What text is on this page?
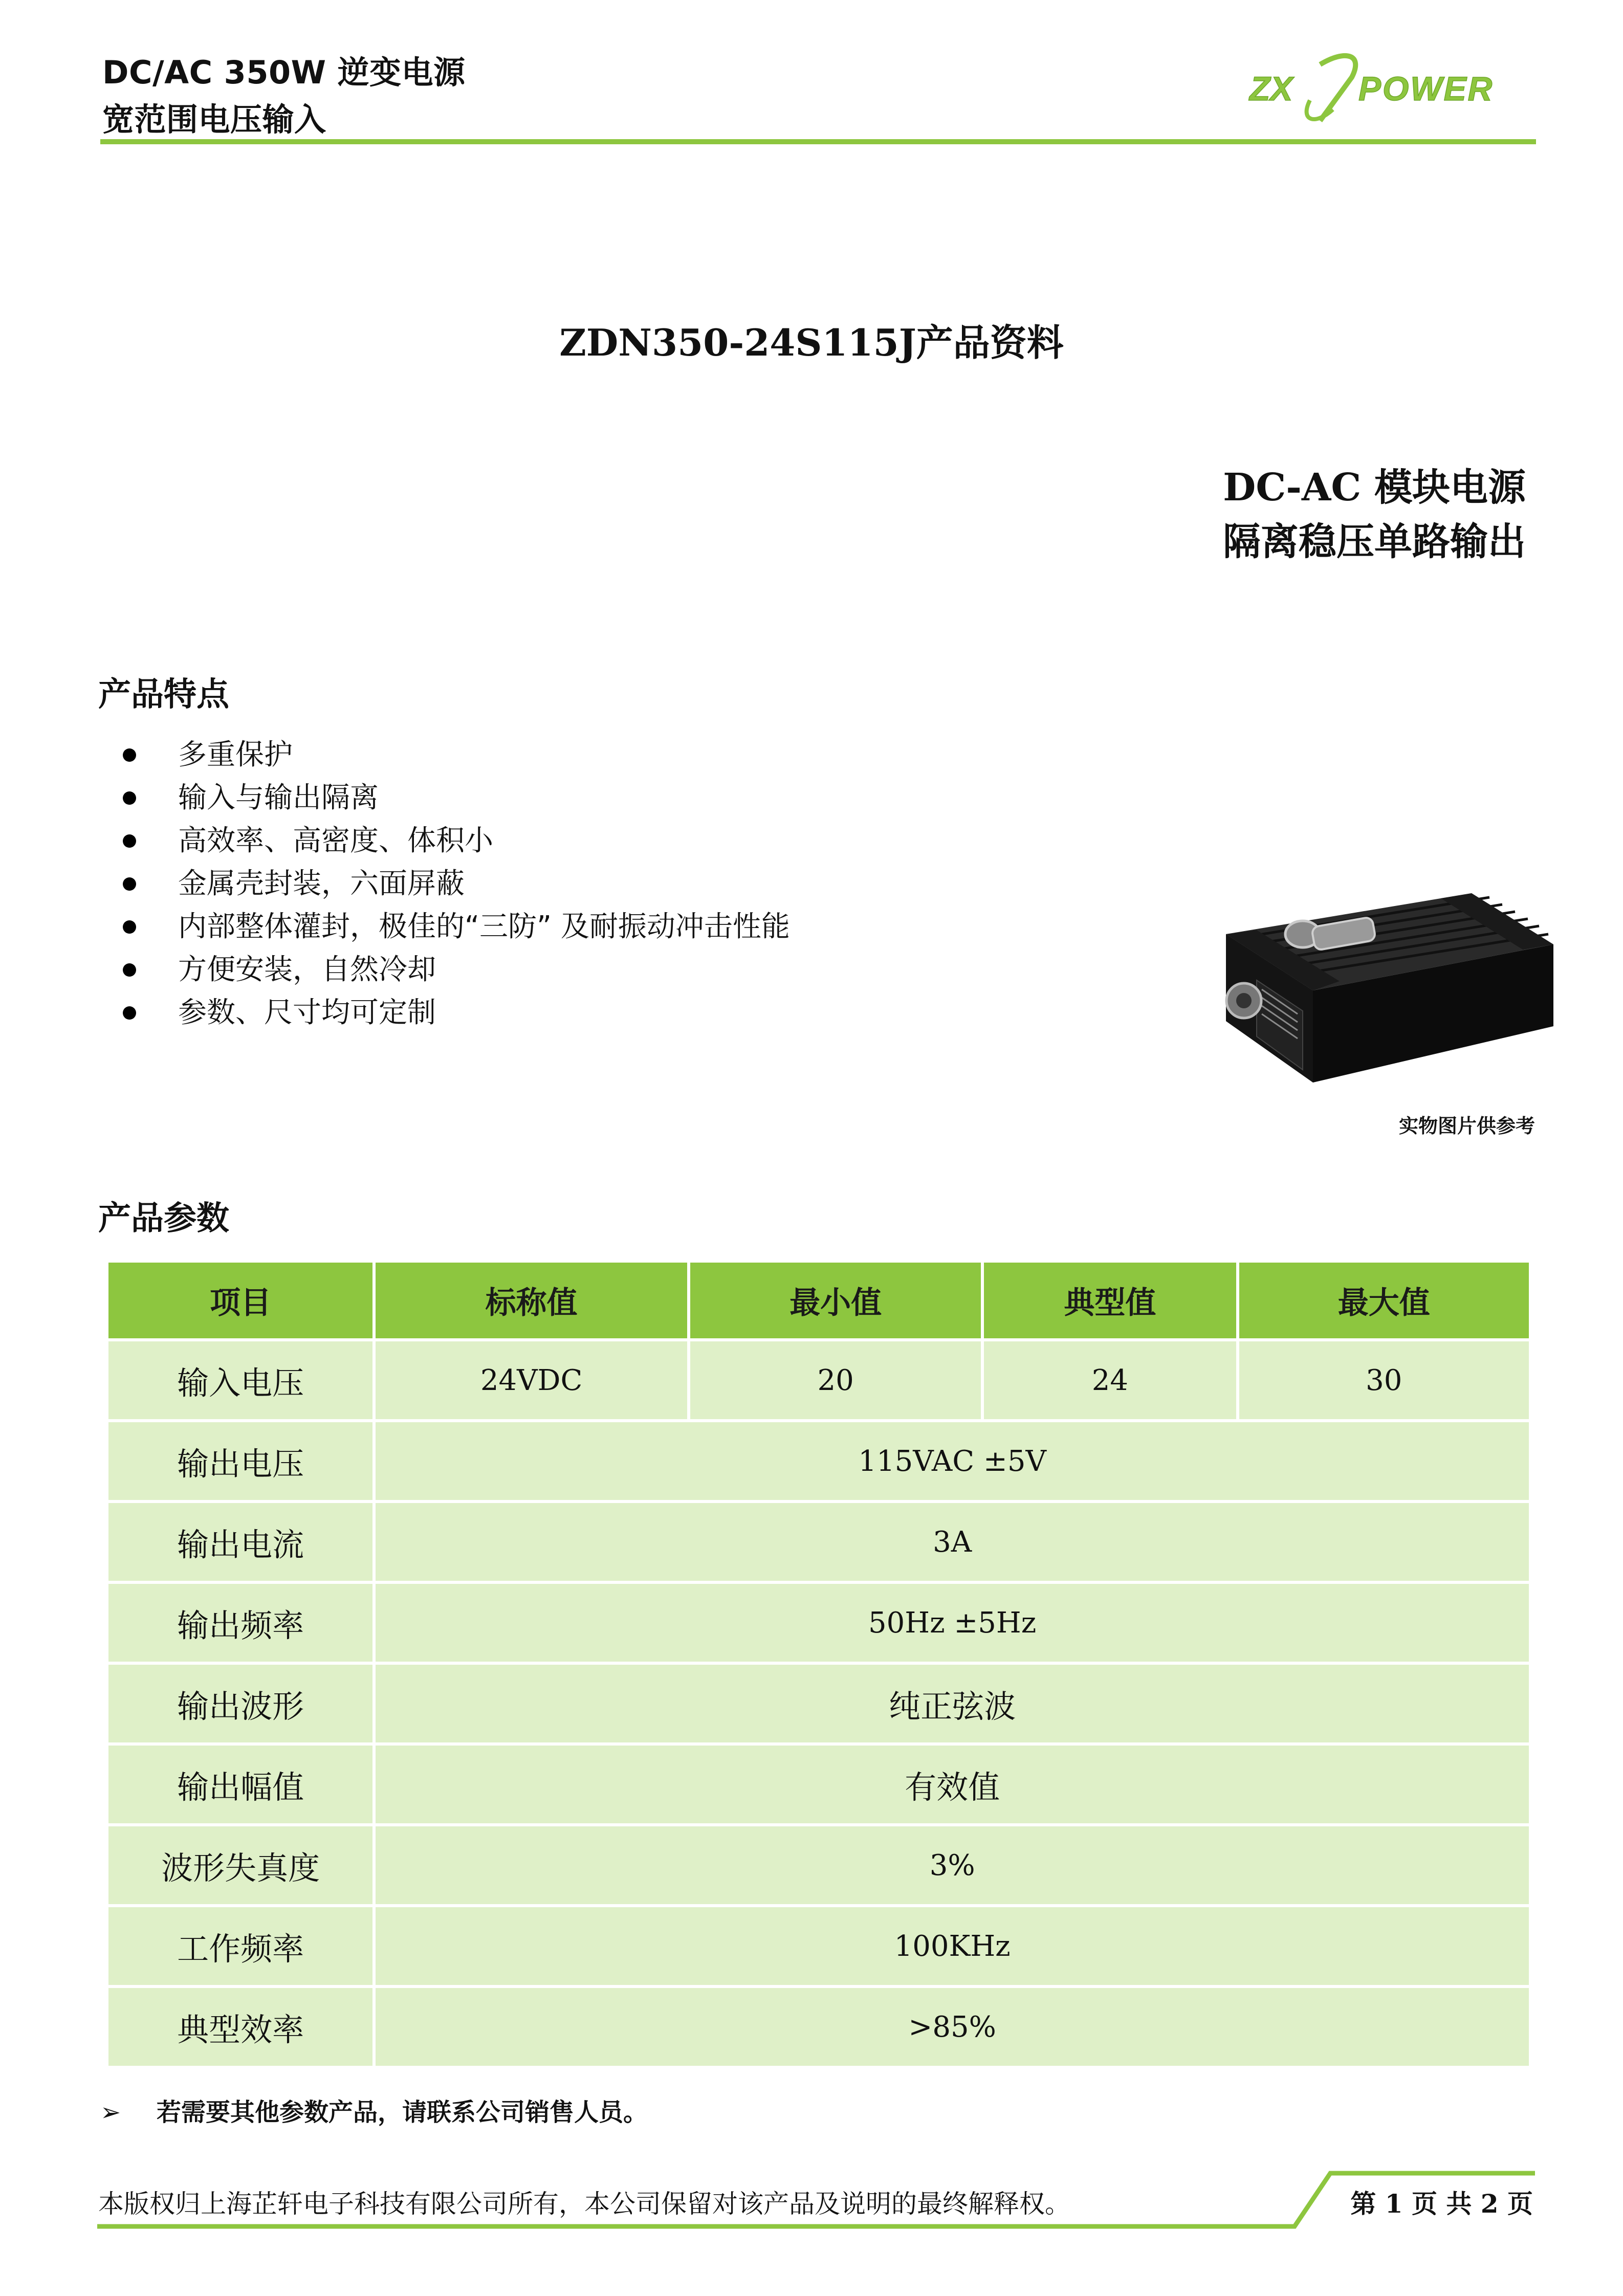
DC/AC 350W 逆变电源
宽范围电压输入
ZX POWER
ZDN350-24S115J产品资料
DC-AC 模块电源
隔离稳压单路输出
产品特点
多重保护
输入与输出隔离
高效率、高密度、体积小
金属壳封装，六面屏蔽
内部整体灌封，极佳的“三防” 及耐振动冲击性能
方便安装，自然冷却
参数、尺寸均可定制
实物图片供参考
产品参数
项目	标称值	最小值	典型值	最大值
输入电压	24VDC	20	24	30
输出电压	115VAC ±5V			
输出电流	3A			
输出频率	50Hz ±5Hz			
输出波形	纯正弦波			
输出幅值	有效值			
波形失真度	3%			
工作频率	100KHz			
典型效率	>85%			
➢ 若需要其他参数产品，请联系公司销售人员。
本版权归上海芷轩电子科技有限公司所有，本公司保留对该产品及说明的最终解释权。	第 1 页 共 2 页
